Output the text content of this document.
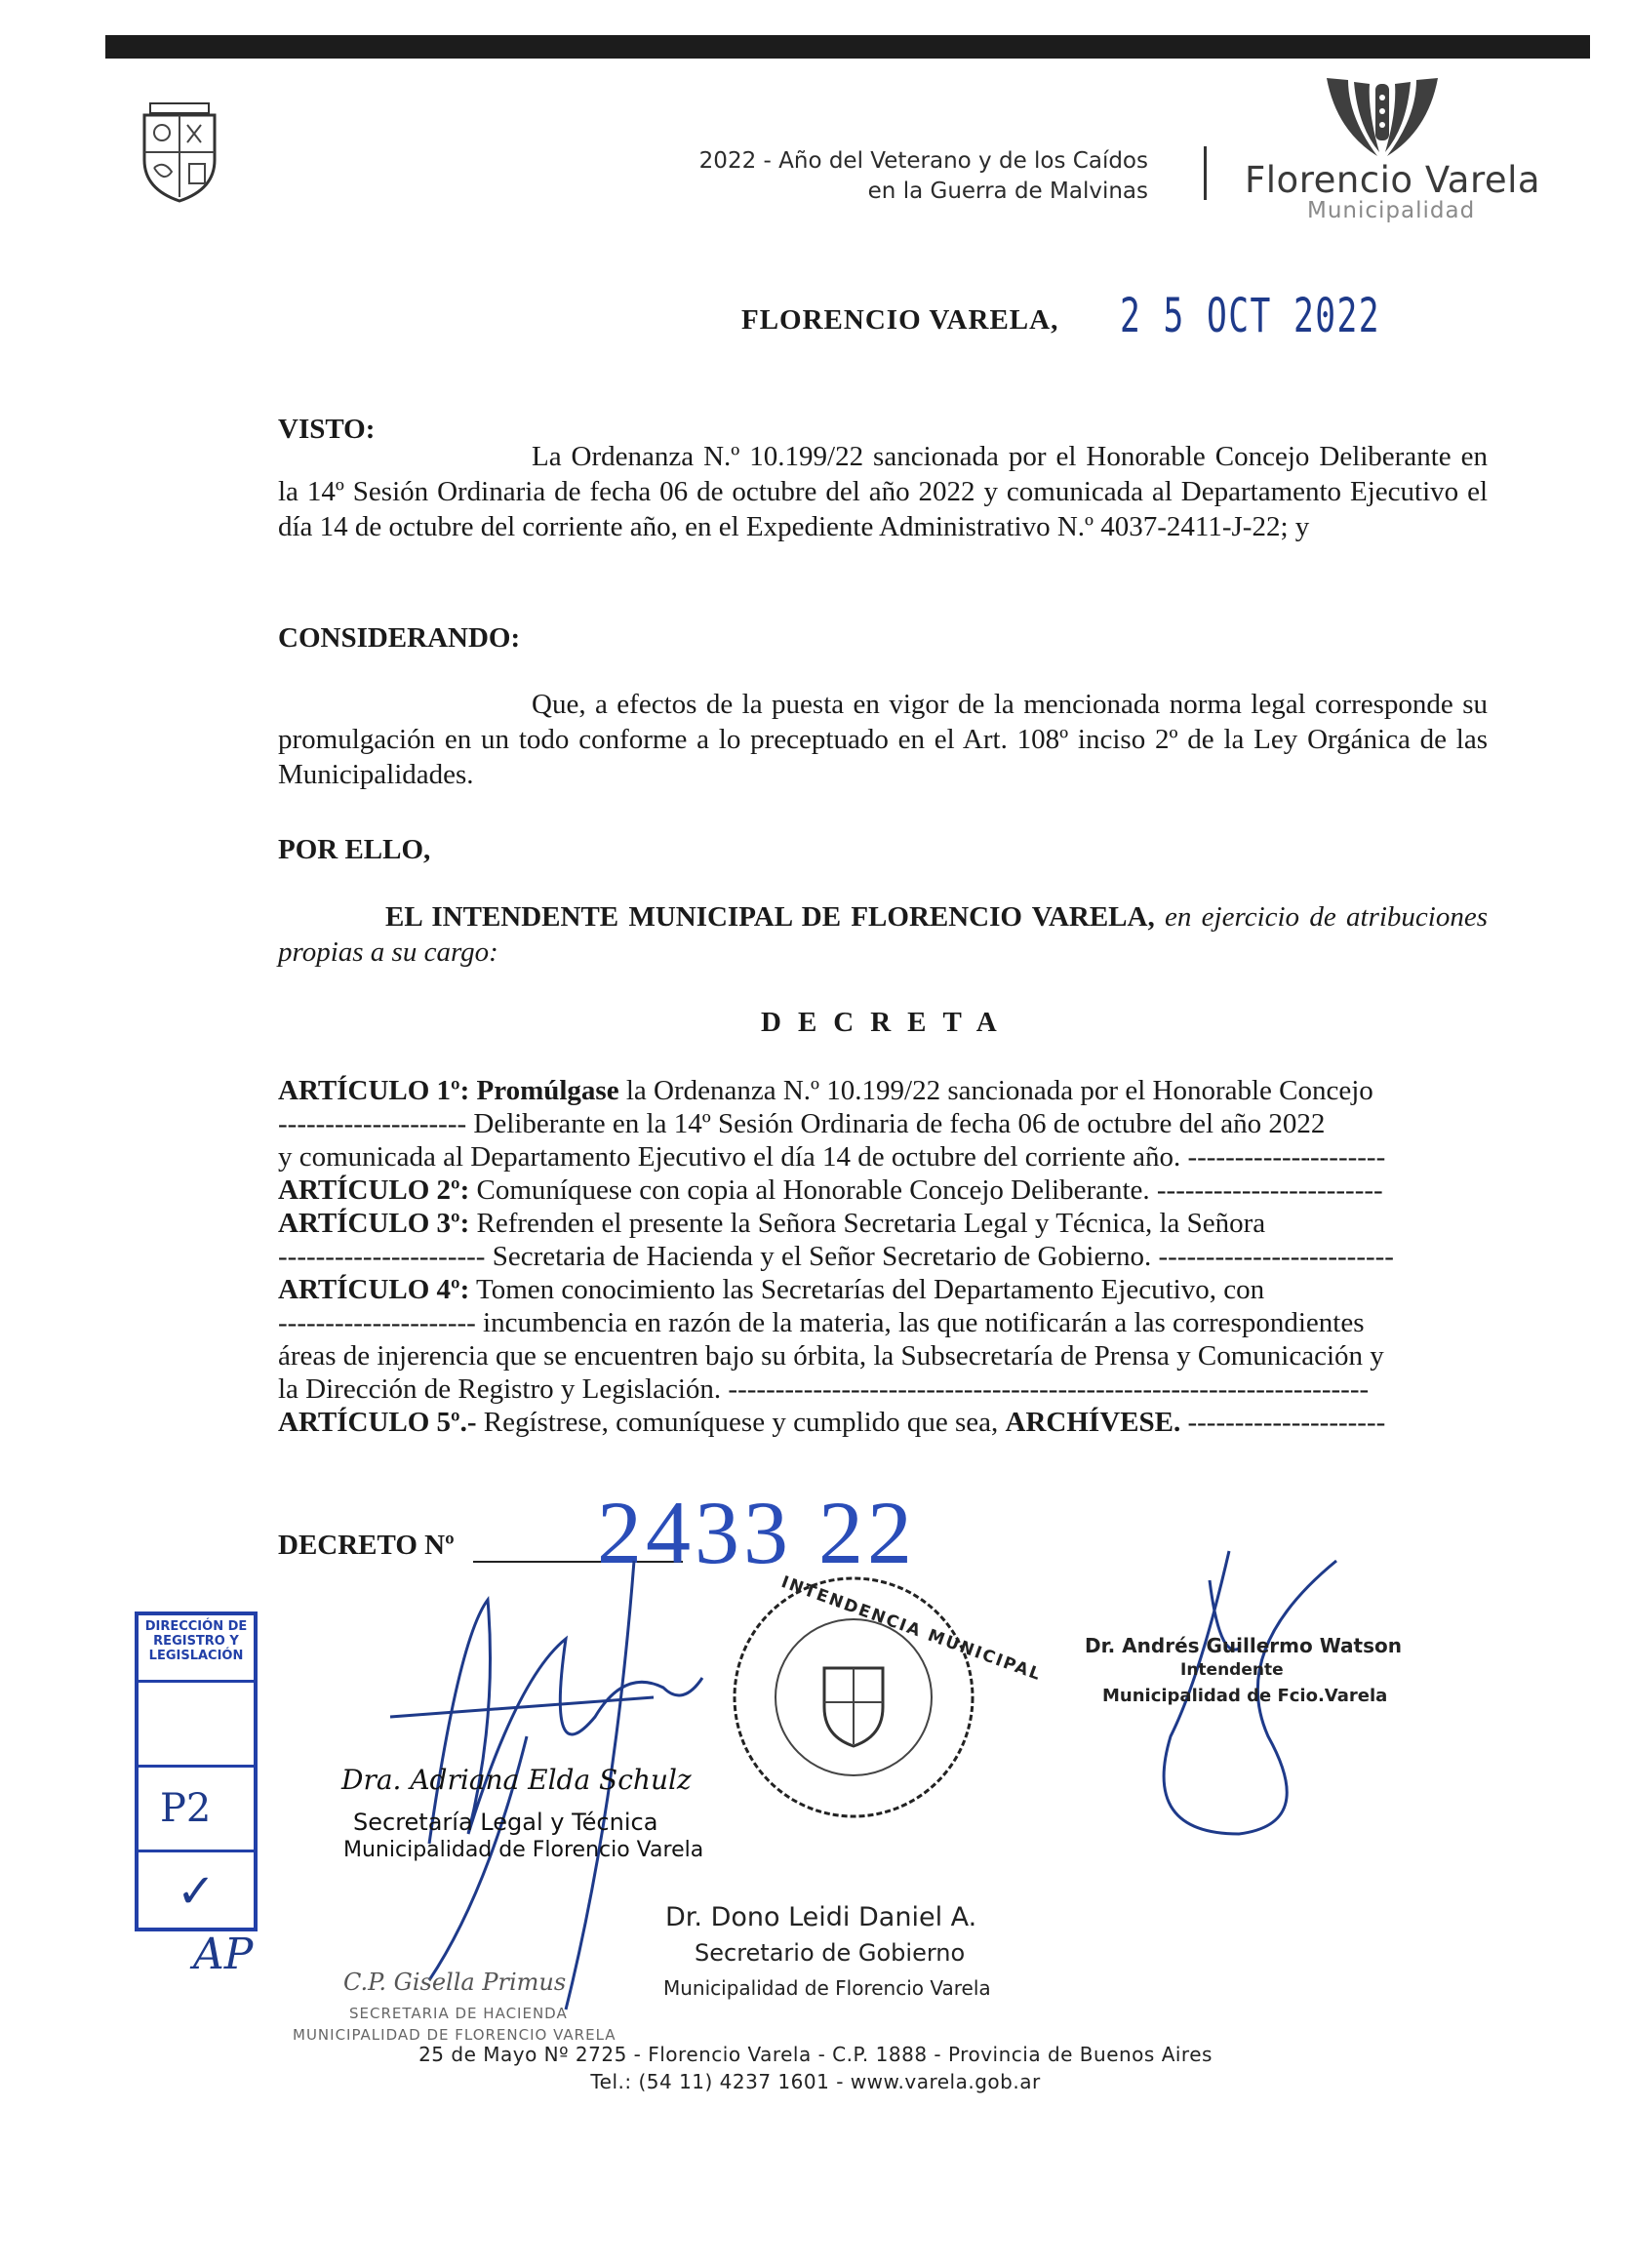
2022 - Año del Veterano y de los Caídos
en la Guerra de Malvinas	Florencio Varela
Municipalidad
FLORENCIO VARELA, 2 5 OCT 2022
VISTO:
La Ordenanza N.º 10.199/22 sancionada por el Honorable Concejo Deliberante en la 14º Sesión Ordinaria de fecha 06 de octubre del año 2022 y comunicada al Departamento Ejecutivo el día 14 de octubre del corriente año, en el Expediente Administrativo N.º 4037-2411-J-22; y
CONSIDERANDO:
Que, a efectos de la puesta en vigor de la mencionada norma legal corresponde su promulgación en un todo conforme a lo preceptuado en el Art. 108º inciso 2º de la Ley Orgánica de las Municipalidades.
POR ELLO,
EL INTENDENTE MUNICIPAL DE FLORENCIO VARELA, en ejercicio de atribuciones propias a su cargo:
DECRETA
ARTÍCULO 1º: Promúlgase la Ordenanza N.º 10.199/22 sancionada por el Honorable Concejo
-------------------- Deliberante en la 14º Sesión Ordinaria de fecha 06 de octubre del año 2022
y comunicada al Departamento Ejecutivo el día 14 de octubre del corriente año. ---------------------
ARTÍCULO 2º: Comuníquese con copia al Honorable Concejo Deliberante. ------------------------
ARTÍCULO 3º: Refrenden el presente la Señora Secretaria Legal y Técnica, la Señora
---------------------- Secretaria de Hacienda y el Señor Secretario de Gobierno. -------------------------
ARTÍCULO 4º: Tomen conocimiento las Secretarías del Departamento Ejecutivo, con
--------------------- incumbencia en razón de la materia, las que notificarán a las correspondientes
áreas de injerencia que se encuentren bajo su órbita, la Subsecretaría de Prensa y Comunicación y
la Dirección de Registro y Legislación. --------------------------------------------------------------------
ARTÍCULO 5º.- Regístrese, comuníquese y cumplido que sea, ARCHÍVESE. ---------------------
DECRETO Nº 2433 22
DIRECCIÓN DE
REGISTRO Y
LEGISLACIÓN
P2
✓
AP
INTENDENCIA MUNICIPAL
Dra. Adriana Elda Schulz
Secretaría Legal y Técnica
Municipalidad de Florencio Varela
C.P. Gisella Primus
SECRETARIA DE HACIENDA
MUNICIPALIDAD DE FLORENCIO VARELA
Dr. Dono Leidi Daniel A.
Secretario de Gobierno
Municipalidad de Florencio Varela
Dr. Andrés Guillermo Watson
Intendente
Municipalidad de Fcio.Varela
25 de Mayo Nº 2725 - Florencio Varela - C.P. 1888 - Provincia de Buenos Aires
Tel.: (54 11) 4237 1601 - www.varela.gob.ar
